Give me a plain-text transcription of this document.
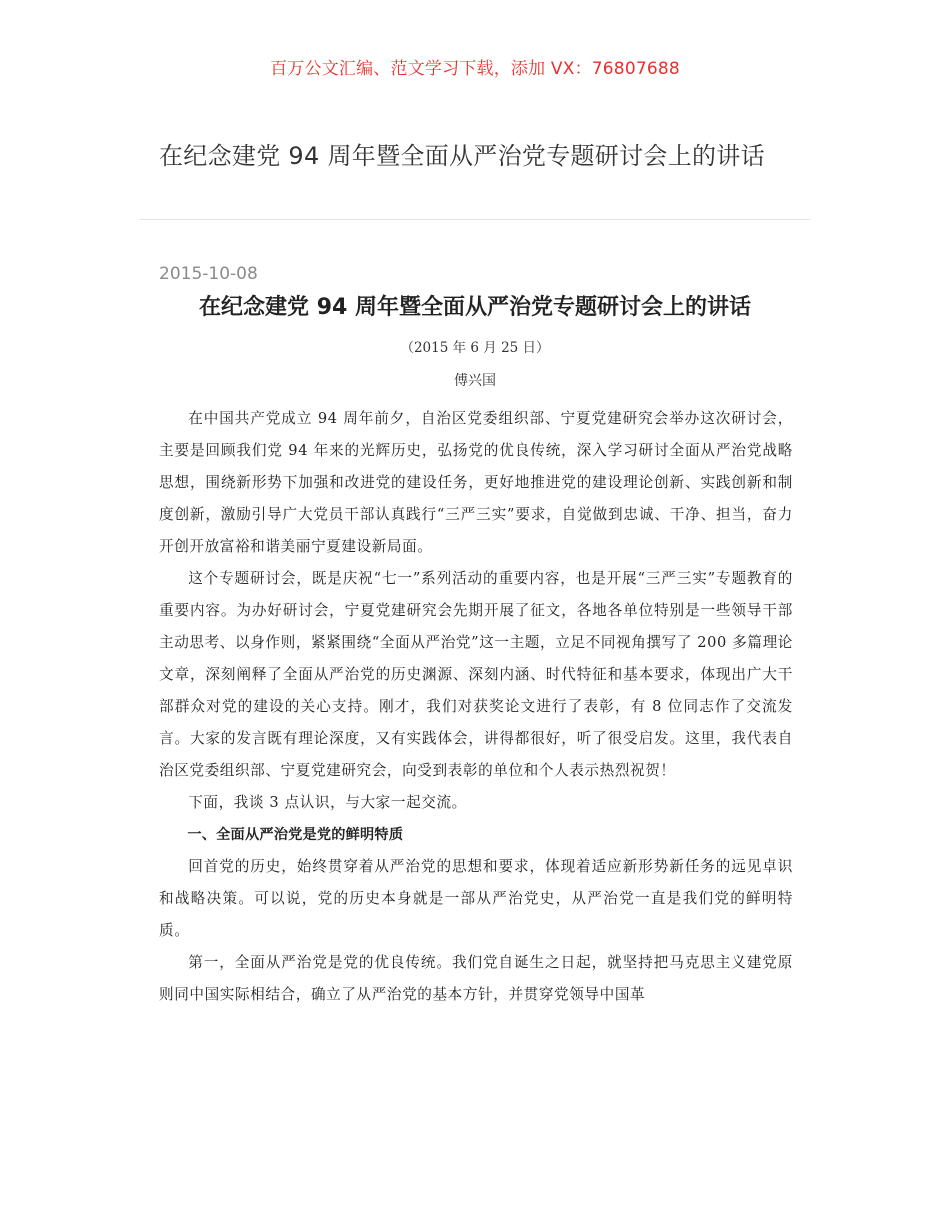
百万公文汇编、范文学习下载，添加 VX：76807688
在纪念建党 94 周年暨全面从严治党专题研讨会上的讲话
2015-10-08
在纪念建党 94 周年暨全面从严治党专题研讨会上的讲话
（2015 年 6 月 25 日）
傅兴国

在中国共产党成立 94 周年前夕，自治区党委组织部、宁夏党建研究会举办这次研讨会，主要是回顾我们党 94 年来的光辉历史，弘扬党的优良传统，深入学习研讨全面从严治党战略思想，围绕新形势下加强和改进党的建设任务，更好地推进党的建设理论创新、实践创新和制度创新，激励引导广大党员干部认真践行“三严三实”要求，自觉做到忠诚、干净、担当，奋力开创开放富裕和谐美丽宁夏建设新局面。

这个专题研讨会，既是庆祝“七一”系列活动的重要内容，也是开展“三严三实”专题教育的重要内容。为办好研讨会，宁夏党建研究会先期开展了征文，各地各单位特别是一些领导干部主动思考、以身作则，紧紧围绕“全面从严治党”这一主题，立足不同视角撰写了 200 多篇理论文章，深刻阐释了全面从严治党的历史渊源、深刻内涵、时代特征和基本要求，体现出广大干部群众对党的建设的关心支持。刚才，我们对获奖论文进行了表彰，有 8 位同志作了交流发言。大家的发言既有理论深度，又有实践体会，讲得都很好，听了很受启发。这里，我代表自治区党委组织部、宁夏党建研究会，向受到表彰的单位和个人表示热烈祝贺！

下面，我谈 3 点认识，与大家一起交流。

一、全面从严治党是党的鲜明特质

回首党的历史，始终贯穿着从严治党的思想和要求，体现着适应新形势新任务的远见卓识和战略决策。可以说，党的历史本身就是一部从严治党史，从严治党一直是我们党的鲜明特质。

第一，全面从严治党是党的优良传统。我们党自诞生之日起，就坚持把马克思主义建党原则同中国实际相结合，确立了从严治党的基本方针，并贯穿党领导中国革
